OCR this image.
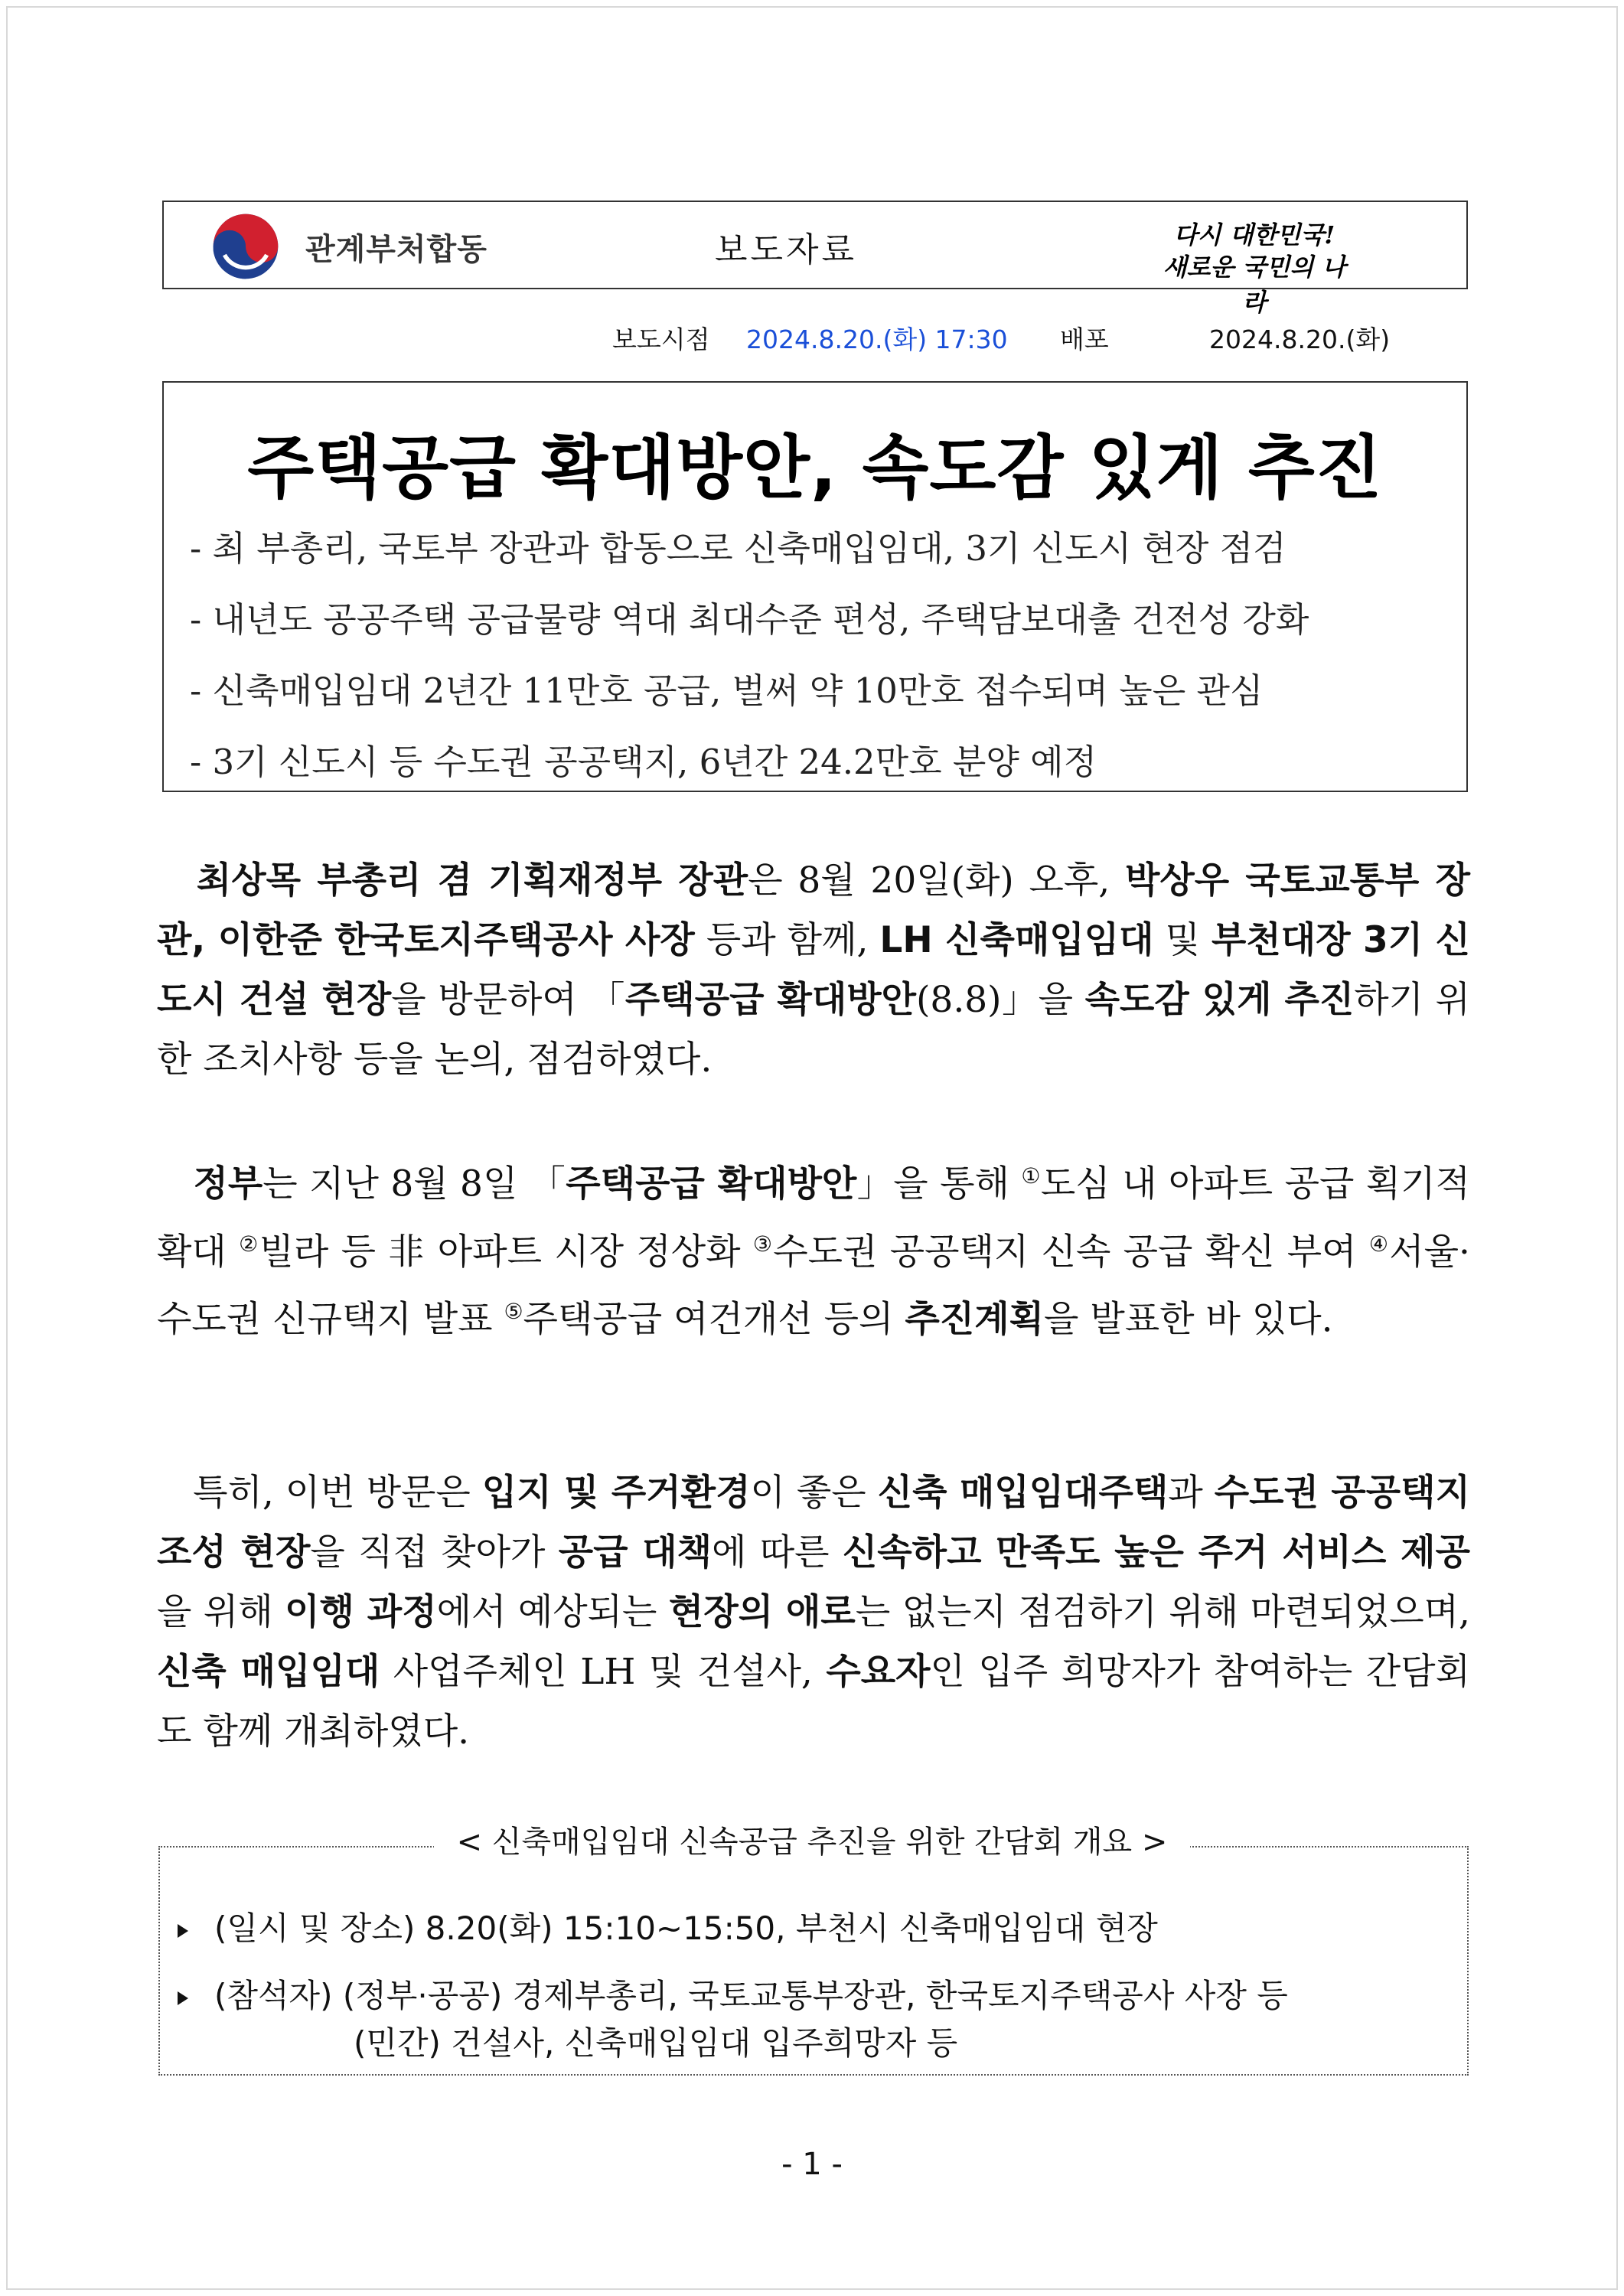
관계부처합동	보도자료	다시 대한민국!
새로운 국민의 나라
보도시점 2024.8.20.(화) 17:30 배포	2024.8.20.(화)
주택공급 확대방안, 속도감 있게 추진
- 최 부총리, 국토부 장관과 합동으로 신축매입임대, 3기 신도시 현장 점검
- 내년도 공공주택 공급물량 역대 최대수준 편성, 주택담보대출 건전성 강화
- 신축매입임대 2년간 11만호 공급, 벌써 약 10만호 접수되며 높은 관심
- 3기 신도시 등 수도권 공공택지, 6년간 24.2만호 분양 예정
　최상목 부총리 겸 기획재정부 장관은 8월 20일(화) 오후, 박상우 국토교통부 장관, 이한준 한국토지주택공사 사장 등과 함께, LH 신축매입임대 및 부천대장 3기 신도시 건설 현장을 방문하여 「주택공급 확대방안(8.8)」을 속도감 있게 추진하기 위한 조치사항 등을 논의, 점검하였다.
　정부는 지난 8월 8일 「주택공급 확대방안」을 통해 ①도심 내 아파트 공급 획기적 확대 ②빌라 등 非 아파트 시장 정상화 ③수도권 공공택지 신속 공급 확신 부여 ④서울·수도권 신규택지 발표 ⑤주택공급 여건개선 등의 추진계획을 발표한 바 있다.
　특히, 이번 방문은 입지 및 주거환경이 좋은 신축 매입임대주택과 수도권 공공택지 조성 현장을 직접 찾아가 공급 대책에 따른 신속하고 만족도 높은 주거 서비스 제공을 위해 이행 과정에서 예상되는 현장의 애로는 없는지 점검하기 위해 마련되었으며, 신축 매입임대 사업주체인 LH 및 건설사, 수요자인 입주 희망자가 참여하는 간담회도 함께 개최하였다.
< 신축매입임대 신속공급 추진을 위한 간담회 개요 >
(일시 및 장소) 8.20(화) 15:10~15:50, 부천시 신축매입임대 현장
(참석자) (정부·공공) 경제부총리, 국토교통부장관, 한국토지주택공사 사장 등
(민간) 건설사, 신축매입임대 입주희망자 등
- 1 -
